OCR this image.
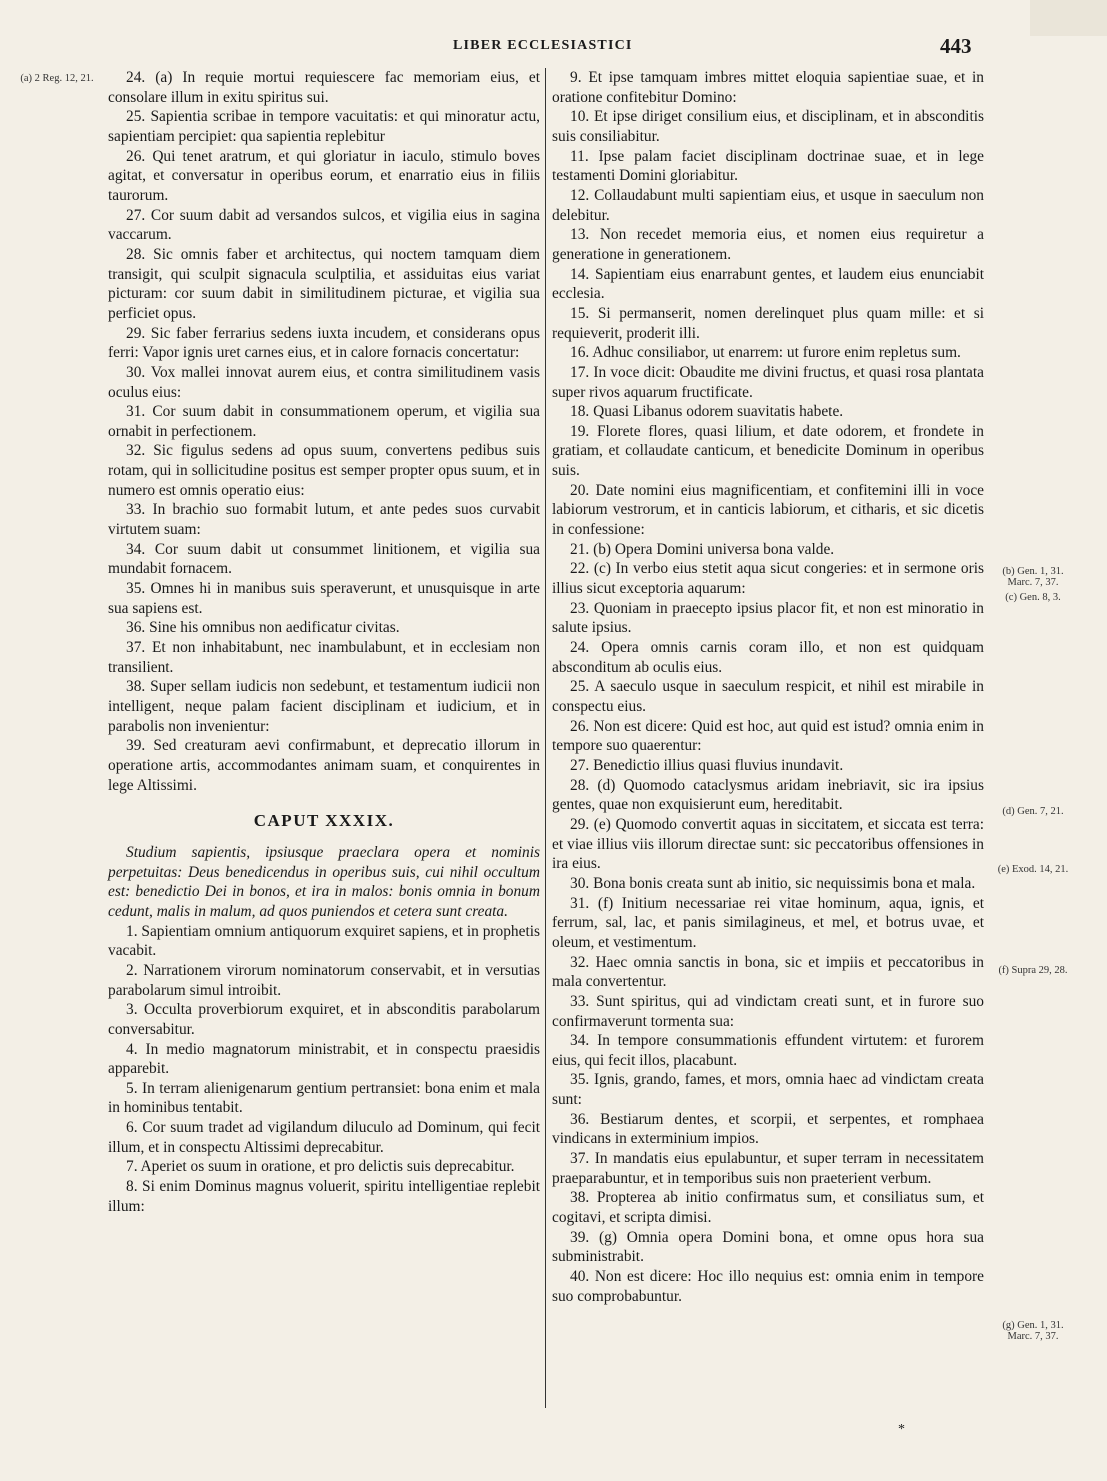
LIBER ECCLESIASTICI	443

24. (a) In requie mortui requiescere fac memoriam eius, et consolare illum in exitu spiritus sui.

25. Sapientia scribae in tempore vacuitatis: et qui minoratur actu, sapientiam percipiet: qua sapientia replebitur

26. Qui tenet aratrum, et qui gloriatur in iaculo, stimulo boves agitat, et conversatur in operibus eorum, et enarratio eius in filiis taurorum.

27. Cor suum dabit ad versandos sulcos, et vigilia eius in sagina vaccarum.

28. Sic omnis faber et architectus, qui noctem tamquam diem transigit, qui sculpit signacula sculptilia, et assiduitas eius variat picturam: cor suum dabit in similitudinem picturae, et vigilia sua perficiet opus.

29. Sic faber ferrarius sedens iuxta incudem, et considerans opus ferri: Vapor ignis uret carnes eius, et in calore fornacis concertatur:

30. Vox mallei innovat aurem eius, et contra similitudinem vasis oculus eius:

31. Cor suum dabit in consummationem operum, et vigilia sua ornabit in perfectionem.

32. Sic figulus sedens ad opus suum, convertens pedibus suis rotam, qui in sollicitudine positus est semper propter opus suum, et in numero est omnis operatio eius:

33. In brachio suo formabit lutum, et ante pedes suos curvabit virtutem suam:

34. Cor suum dabit ut consummet linitionem, et vigilia sua mundabit fornacem.

35. Omnes hi in manibus suis speraverunt, et unusquisque in arte sua sapiens est.

36. Sine his omnibus non aedificatur civitas.

37. Et non inhabitabunt, nec inambulabunt, et in ecclesiam non transilient.

38. Super sellam iudicis non sedebunt, et testamentum iudicii non intelligent, neque palam facient disciplinam et iudicium, et in parabolis non invenientur:

39. Sed creaturam aevi confirmabunt, et deprecatio illorum in operatione artis, accommodantes animam suam, et conquirentes in lege Altissimi.

CAPUT XXXIX.

Studium sapientis, ipsiusque praeclara opera et nominis perpetuitas: Deus benedicendus in operibus suis, cui nihil occultum est: benedictio Dei in bonos, et ira in malos: bonis omnia in bonum cedunt, malis in malum, ad quos puniendos et cetera sunt creata.

1. Sapientiam omnium antiquorum exquiret sapiens, et in prophetis vacabit.

2. Narrationem virorum nominatorum conservabit, et in versutias parabolarum simul introibit.

3. Occulta proverbiorum exquiret, et in absconditis parabolarum conversabitur.

4. In medio magnatorum ministrabit, et in conspectu praesidis apparebit.

5. In terram alienigenarum gentium pertransiet: bona enim et mala in hominibus tentabit.

6. Cor suum tradet ad vigilandum diluculo ad Dominum, qui fecit illum, et in conspectu Altissimi deprecabitur.

7. Aperiet os suum in oratione, et pro delictis suis deprecabitur.

8. Si enim Dominus magnus voluerit, spiritu intelligentiae replebit illum:

9. Et ipse tamquam imbres mittet eloquia sapientiae suae, et in oratione confitebitur Domino:

10. Et ipse diriget consilium eius, et disciplinam, et in absconditis suis consiliabitur.

11. Ipse palam faciet disciplinam doctrinae suae, et in lege testamenti Domini gloriabitur.

12. Collaudabunt multi sapientiam eius, et usque in saeculum non delebitur.

13. Non recedet memoria eius, et nomen eius requiretur a generatione in generationem.

14. Sapientiam eius enarrabunt gentes, et laudem eius enunciabit ecclesia.

15. Si permanserit, nomen derelinquet plus quam mille: et si requieverit, proderit illi.

16. Adhuc consiliabor, ut enarrem: ut furore enim repletus sum.

17. In voce dicit: Obaudite me divini fructus, et quasi rosa plantata super rivos aquarum fructificate.

18. Quasi Libanus odorem suavitatis habete.

19. Florete flores, quasi lilium, et date odorem, et frondete in gratiam, et collaudate canticum, et benedicite Dominum in operibus suis.

20. Date nomini eius magnificentiam, et confitemini illi in voce labiorum vestrorum, et in canticis labiorum, et citharis, et sic dicetis in confessione:

21. (b) Opera Domini universa bona valde.

22. (c) In verbo eius stetit aqua sicut congeries: et in sermone oris illius sicut exceptoria aquarum:

23. Quoniam in praecepto ipsius placor fit, et non est minoratio in salute ipsius.

24. Opera omnis carnis coram illo, et non est quidquam absconditum ab oculis eius.

25. A saeculo usque in saeculum respicit, et nihil est mirabile in conspectu eius.

26. Non est dicere: Quid est hoc, aut quid est istud? omnia enim in tempore suo quaerentur:

27. Benedictio illius quasi fluvius inundavit.

28. (d) Quomodo cataclysmus aridam inebriavit, sic ira ipsius gentes, quae non exquisierunt eum, hereditabit.

29. (e) Quomodo convertit aquas in siccitatem, et siccata est terra: et viae illius viis illorum directae sunt: sic peccatoribus offensiones in ira eius.

30. Bona bonis creata sunt ab initio, sic nequissimis bona et mala.

31. (f) Initium necessariae rei vitae hominum, aqua, ignis, et ferrum, sal, lac, et panis similagineus, et mel, et botrus uvae, et oleum, et vestimentum.

32. Haec omnia sanctis in bona, sic et impiis et peccatoribus in mala convertentur.

33. Sunt spiritus, qui ad vindictam creati sunt, et in furore suo confirmaverunt tormenta sua:

34. In tempore consummationis effundent virtutem: et furorem eius, qui fecit illos, placabunt.

35. Ignis, grando, fames, et mors, omnia haec ad vindictam creata sunt:

36. Bestiarum dentes, et scorpii, et serpentes, et romphaea vindicans in exterminium impios.

37. In mandatis eius epulabuntur, et super terram in necessitatem praeparabuntur, et in temporibus suis non praeterient verbum.

38. Propterea ab initio confirmatus sum, et consiliatus sum, et cogitavi, et scripta dimisi.

39. (g) Omnia opera Domini bona, et omne opus hora sua subministrabit.

40. Non est dicere: Hoc illo nequius est: omnia enim in tempore suo comprobabuntur.

(a) 2 Reg. 12, 21.
(b) Gen. 1, 31. Marc. 7, 37.
(c) Gen. 8, 3.
(d) Gen. 7, 21.
(e) Exod. 14, 21.
(f) Supra 29, 28.
(g) Gen. 1, 31. Marc. 7, 37.
*
